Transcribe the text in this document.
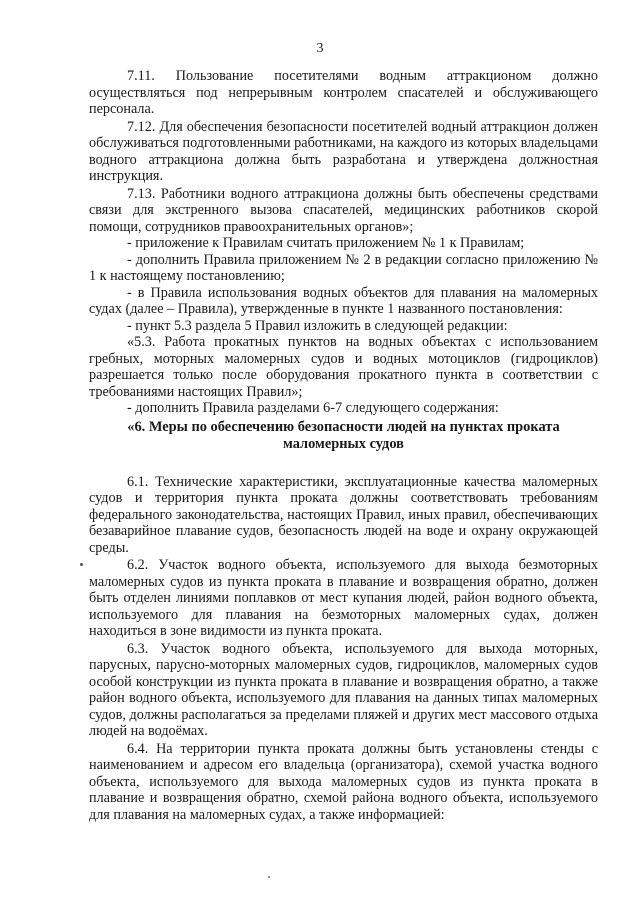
3

7.11. Пользование посетителями водным аттракционом должно осуществляться под непрерывным контролем спасателей и обслуживающего персонала.

7.12. Для обеспечения безопасности посетителей водный аттракцион должен обслуживаться подготовленными работниками, на каждого из которых владельцами водного аттракциона должна быть разработана и утверждена должностная инструкция.

7.13. Работники водного аттракциона должны быть обеспечены средствами связи для экстренного вызова спасателей, медицинских работников скорой помощи, сотрудников правоохранительных органов»;

- приложение к Правилам считать приложением № 1 к Правилам;

- дополнить Правила приложением № 2 в редакции согласно приложению № 1 к настоящему постановлению;

- в Правила использования водных объектов для плавания на маломерных судах (далее – Правила), утвержденные в пункте 1 названного постановления:

- пункт 5.3 раздела 5 Правил изложить в следующей редакции:

«5.3. Работа прокатных пунктов на водных объектах с использованием гребных, моторных маломерных судов и водных мотоциклов (гидроциклов) разрешается только после оборудования прокатного пункта в соответствии с требованиями настоящих Правил»;

- дополнить Правила разделами 6-7 следующего содержания:

«6. Меры по обеспечению безопасности людей на пунктах проката маломерных судов

6.1. Технические характеристики, эксплуатационные качества маломерных судов и территория пункта проката должны соответствовать требованиям федерального законодательства, настоящих Правил, иных правил, обеспечивающих безаварийное плавание судов, безопасность людей на воде и охрану окружающей среды.

6.2. Участок водного объекта, используемого для выхода безмоторных маломерных судов из пункта проката в плавание и возвращения обратно, должен быть отделен линиями поплавков от мест купания людей, район водного объекта, используемого для плавания на безмоторных маломерных судах, должен находиться в зоне видимости из пункта проката.

6.3. Участок водного объекта, используемого для выхода моторных, парусных, парусно-моторных маломерных судов, гидроциклов, маломерных судов особой конструкции из пункта проката в плавание и возвращения обратно, а также район водного объекта, используемого для плавания на данных типах маломерных судов, должны располагаться за пределами пляжей и других мест массового отдыха людей на водоёмах.

6.4. На территории пункта проката должны быть установлены стенды с наименованием и адресом его владельца (организатора), схемой участка водного объекта, используемого для выхода маломерных судов из пункта проката в плавание и возвращения обратно, схемой района водного объекта, используемого для плавания на маломерных судах, а также информацией:
